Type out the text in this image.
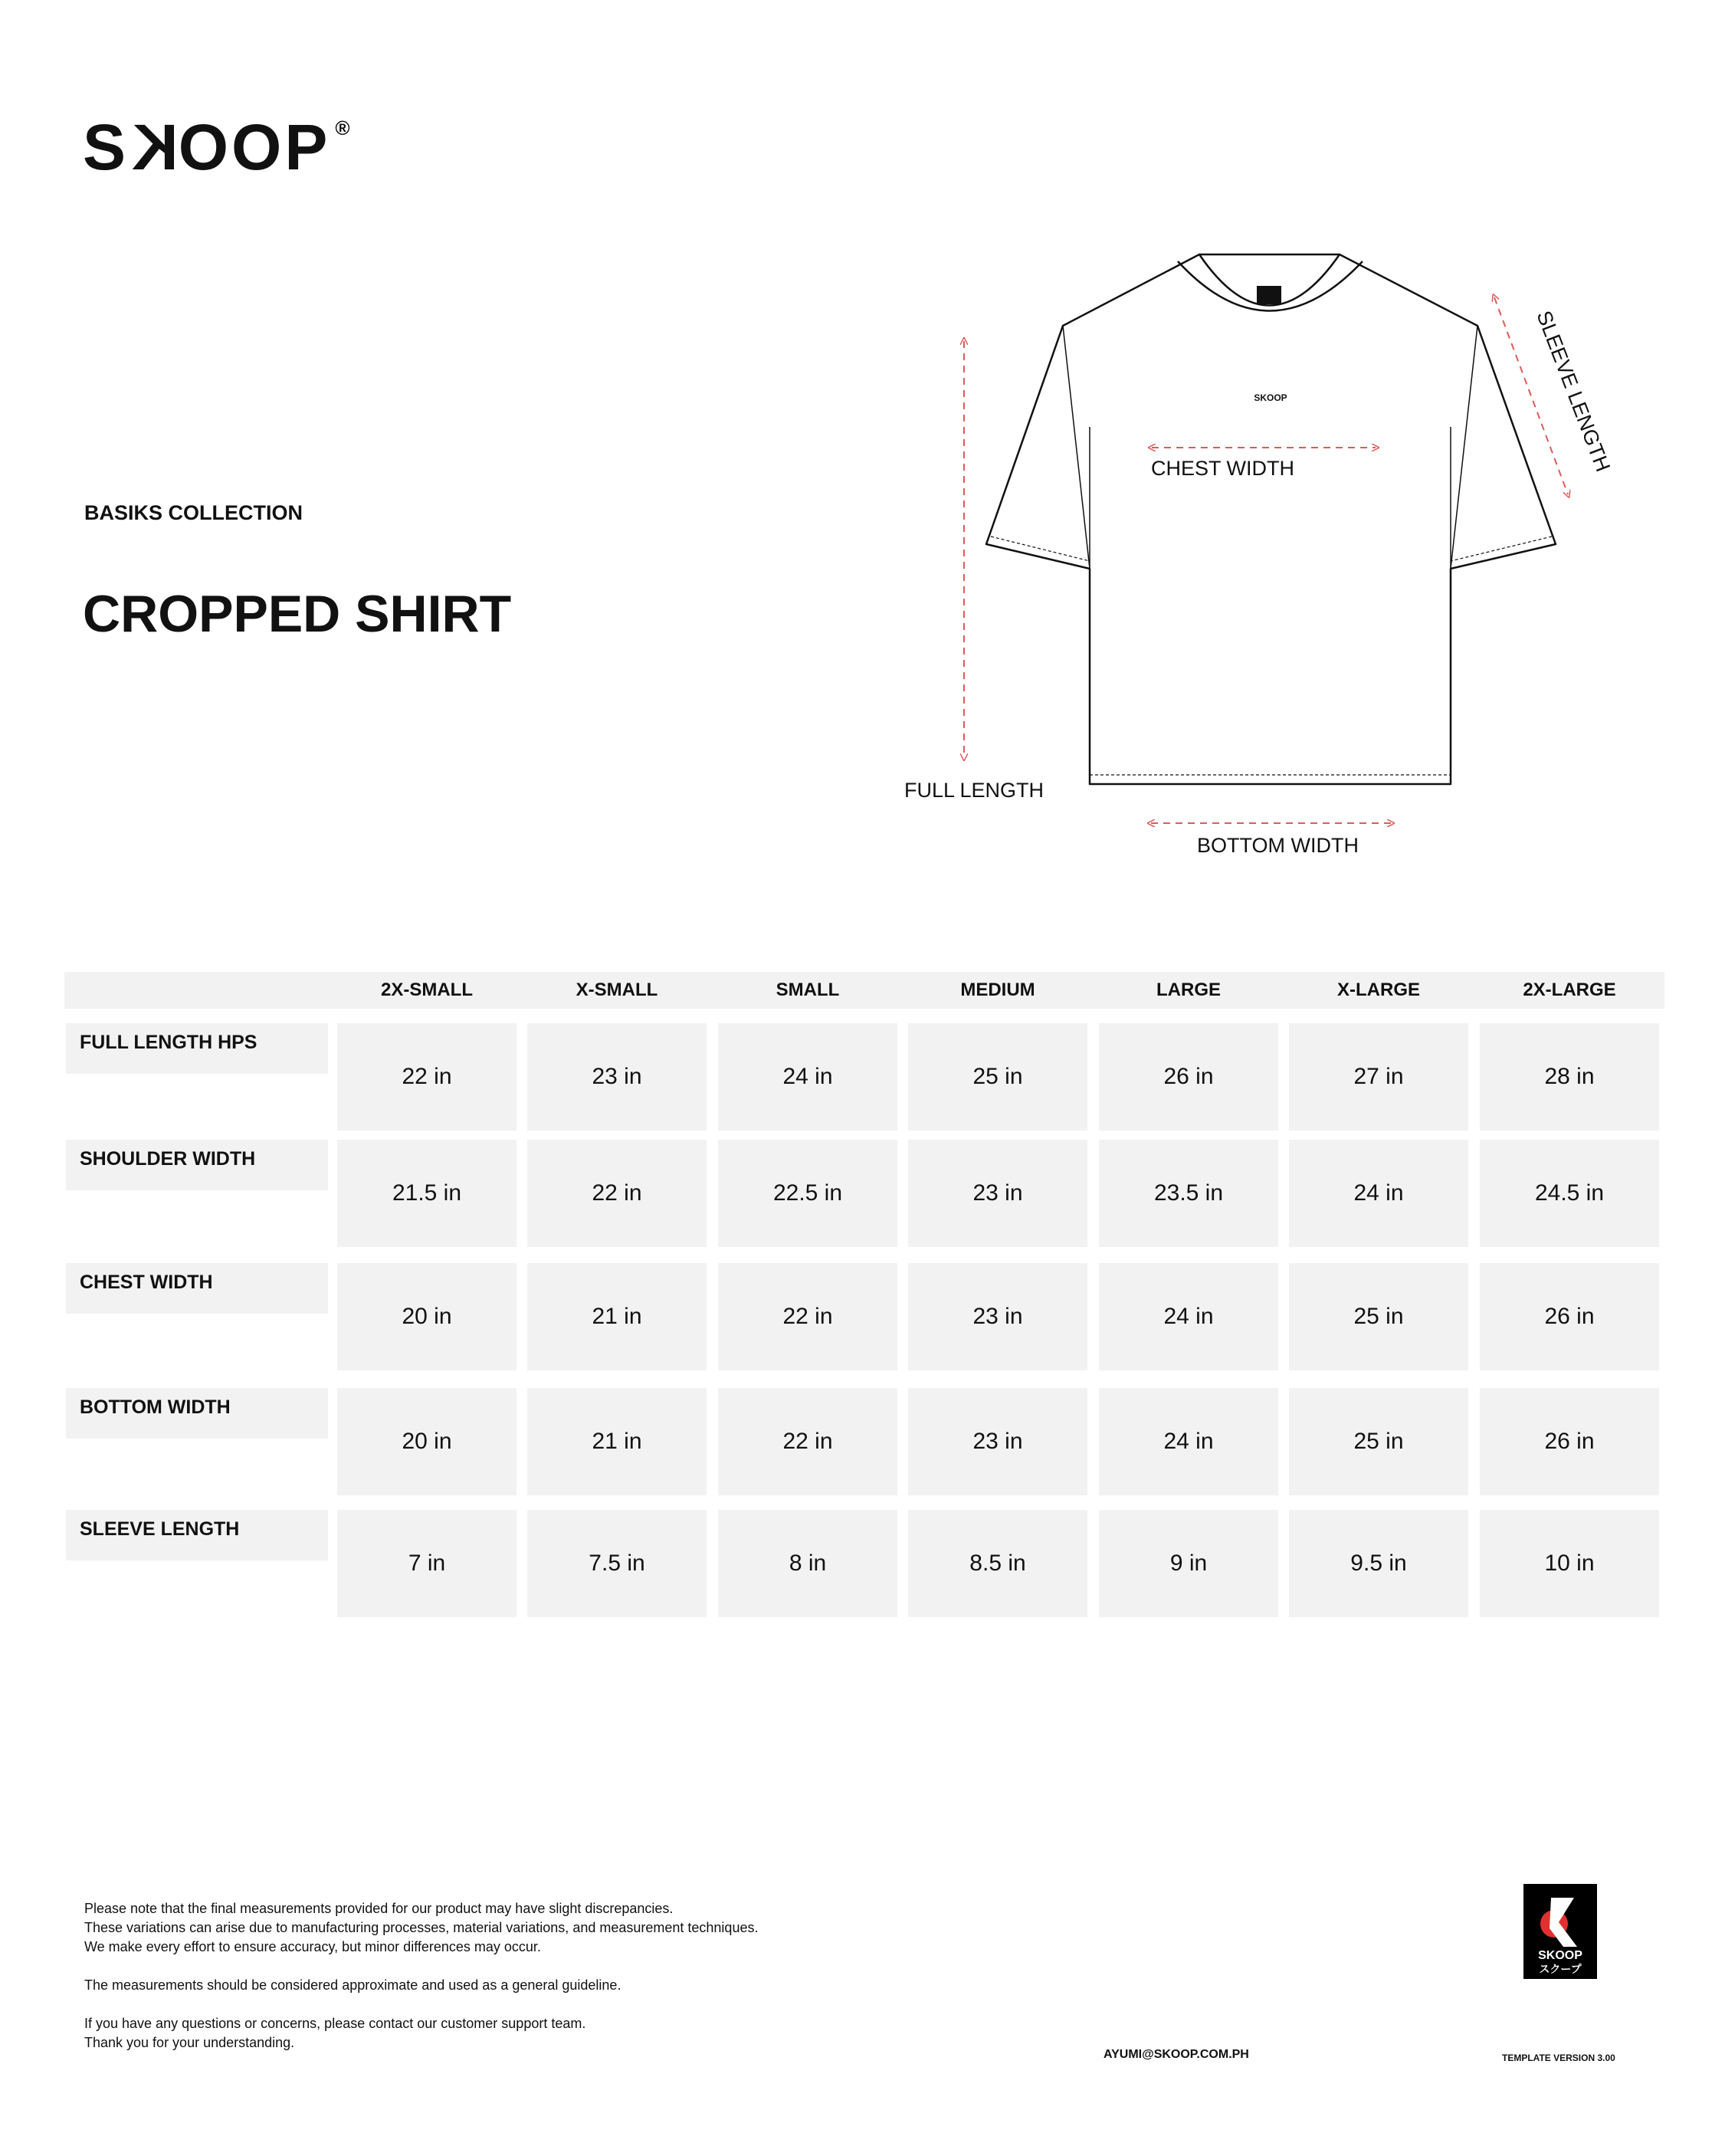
SKOOP ®
BASIKS COLLECTION
CROPPED SHIRT
SKOOP
CHEST WIDTH
FULL LENGTH
BOTTOM WIDTH
SLEEVE LENGTH
2X-SMALL	X-SMALL	SMALL	MEDIUM	LARGE	X-LARGE	2X-LARGE
FULL LENGTH HPS
22 in	23 in	24 in	25 in	26 in	27 in	28 in
SHOULDER WIDTH
21.5 in	22 in	22.5 in	23 in	23.5 in	24 in	24.5 in
CHEST WIDTH
20 in	21 in	22 in	23 in	24 in	25 in	26 in
BOTTOM WIDTH
20 in	21 in	22 in	23 in	24 in	25 in	26 in
SLEEVE LENGTH
7 in	7.5 in	8 in	8.5 in	9 in	9.5 in	10 in

Please note that the final measurements provided for our product may have slight discrepancies.

These variations can arise due to manufacturing processes, material variations, and measurement techniques.

We make every effort to ensure accuracy, but minor differences may occur.

The measurements should be considered approximate and used as a general guideline.

If you have any questions or concerns, please contact our customer support team.

Thank you for your understanding.

AYUMI@SKOOP.COM.PH	TEMPLATE VERSION 3.00
SKOOP
スクープ
